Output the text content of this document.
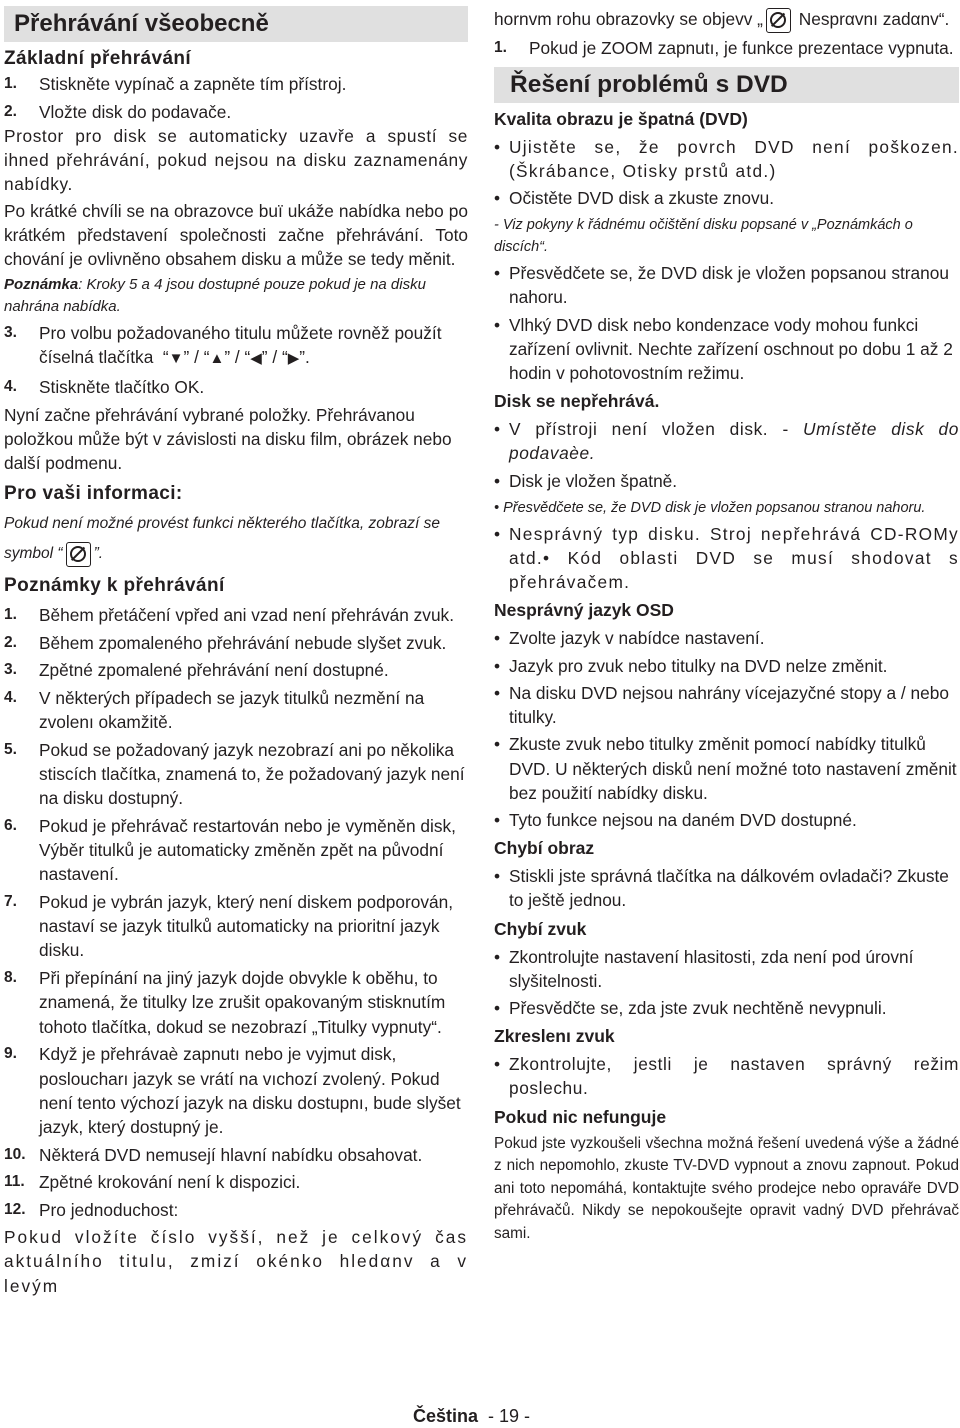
Přehrávání všeobecně
Základní přehrávání
1.	Stiskněte vypínač a zapněte tím přístroj.
2.	Vložte disk do podavače.

Prostor pro disk se automaticky uzavře a spustí se ihned přehrávání, pokud nejsou na disku zaznamenány nabídky.

Po krátké chvíli se na obrazovce buï ukáže nabídka nebo po krátkém představení společnosti začne přehrávání. Toto chování je ovlivněno obsahem disku a může se tedy měnit.

Poznámka: Kroky 5 a 4 jsou dostupné pouze pokud je na disku nahrána nabídka.

3.	Pro volbu požadovaného titulu můžete rovněž použít číselná tlačítka  “▼” / “▲” / “◀” / “▶”.
4.	Stiskněte tlačítko OK.

Nyní začne přehrávání vybrané položky. Přehrávanou položkou může být v závislosti na disku film, obrázek nebo další podmenu.

Pro vaši informaci:

Pokud není možné provést funkci některého tlačítka, zobrazí se symbol “ ”.

Poznámky k přehrávání
1.	Během přetáčení vpřed ani vzad není přehráván zvuk.
2.	Během zpomaleného přehrávání nebude slyšet zvuk.
3.	Zpětné zpomalené přehrávání není dostupné.
4.	V některých případech se jazyk titulků nezmění na zvolenı okamžitě.
5.	Pokud se požadovaný jazyk nezobrazí ani po několika stiscích tlačítka, znamená to, že požadovaný jazyk není na disku dostupný.
6.	Pokud je přehrávač restartován nebo je vyměněn disk, Výběr titulků je automaticky změněn zpět na původní nastavení.
7.	Pokud je vybrán jazyk, který není diskem podporován, nastaví se jazyk titulků automaticky na prioritní jazyk disku.
8.	Při přepínání na jiný jazyk dojde obvykle k oběhu, to znamená, že titulky lze zrušit opakovaným stisknutím tohoto tlačítka, dokud se nezobrazí „Titulky vypnuty“.
9.	Když je přehrávaè zapnutı nebo je vyjmut disk, posloucharı jazyk se vrátí na vıchozí zvolený. Pokud není tento výchozí jazyk na disku dostupnı, bude slyšet jazyk, který dostupný je.
10. Některá DVD nemusejí hlavní nabídku obsahovat.
11. Zpětné krokování není k dispozici.
12. Pro jednoduchost:

Pokud vložíte číslo vyšší, než je celkový čas aktuálního titulu, zmizí okénko hledαnv a v levým

hornvm rohu obrazovky se objevv „ Nesprαvnı zadαnv“.

1.	Pokud je ZOOM zapnutı, je funkce prezentace vypnuta.
Řešení problémů s DVD
Kvalita obrazu je špatná (DVD)
• Ujistěte se, že povrch DVD není poškozen. (Škrábance, Otisky prstů atd.)
• Očistěte DVD disk a zkuste znovu.

- Viz pokyny k řádnému očištění disku popsané v „Poznámkách o discích“.

• Přesvědčete se, že DVD disk je vložen popsanou stranou nahoru.
• Vlhký DVD disk nebo kondenzace vody mohou funkci zařízení ovlivnit. Nechte zařízení oschnout po dobu 1 až 2 hodin v pohotovostním režimu.
Disk se nepřehrává.
• V přístroji není vložen disk. - Umístěte disk do podavaèe.
• Disk je vložen špatně.

• Přesvědčete se, že DVD disk je vložen popsanou stranou nahoru.

• Nesprávný typ disku. Stroj nepřehrává CD-ROMy atd.• Kód oblasti DVD se musí shodovat s přehrávačem.
Nesprávný jazyk OSD
• Zvolte jazyk v nabídce nastavení.
• Jazyk pro zvuk nebo titulky na DVD nelze změnit.
• Na disku DVD nejsou nahrány vícejazyčné stopy a / nebo titulky.
• Zkuste zvuk nebo titulky změnit pomocí nabídky titulků DVD. U některých disků není možné toto nastavení změnit bez použití nabídky disku.
• Tyto funkce nejsou na daném DVD dostupné.
Chybí obraz
• Stiskli jste správná tlačítka na dálkovém ovladači? Zkuste to ještě jednou.
Chybí zvuk
• Zkontrolujte nastavení hlasitosti, zda není pod úrovní slyšitelnosti.
• Přesvědčte se, zda jste zvuk nechtěně nevypnuli.
Zkreslenı zvuk
• Zkontrolujte, jestli je nastaven správný režim poslechu.
Pokud nic nefunguje

Pokud jste vyzkoušeli všechna možná řešení uvedená výše a žádné z nich nepomohlo, zkuste TV-DVD vypnout a znovu zapnout. Pokud ani toto nepomáhá, kontaktujte svého prodejce nebo opraváře DVD přehrávačů. Nikdy se nepokoušejte opravit vadný DVD přehrávač sami.

Čeština - 19 -
